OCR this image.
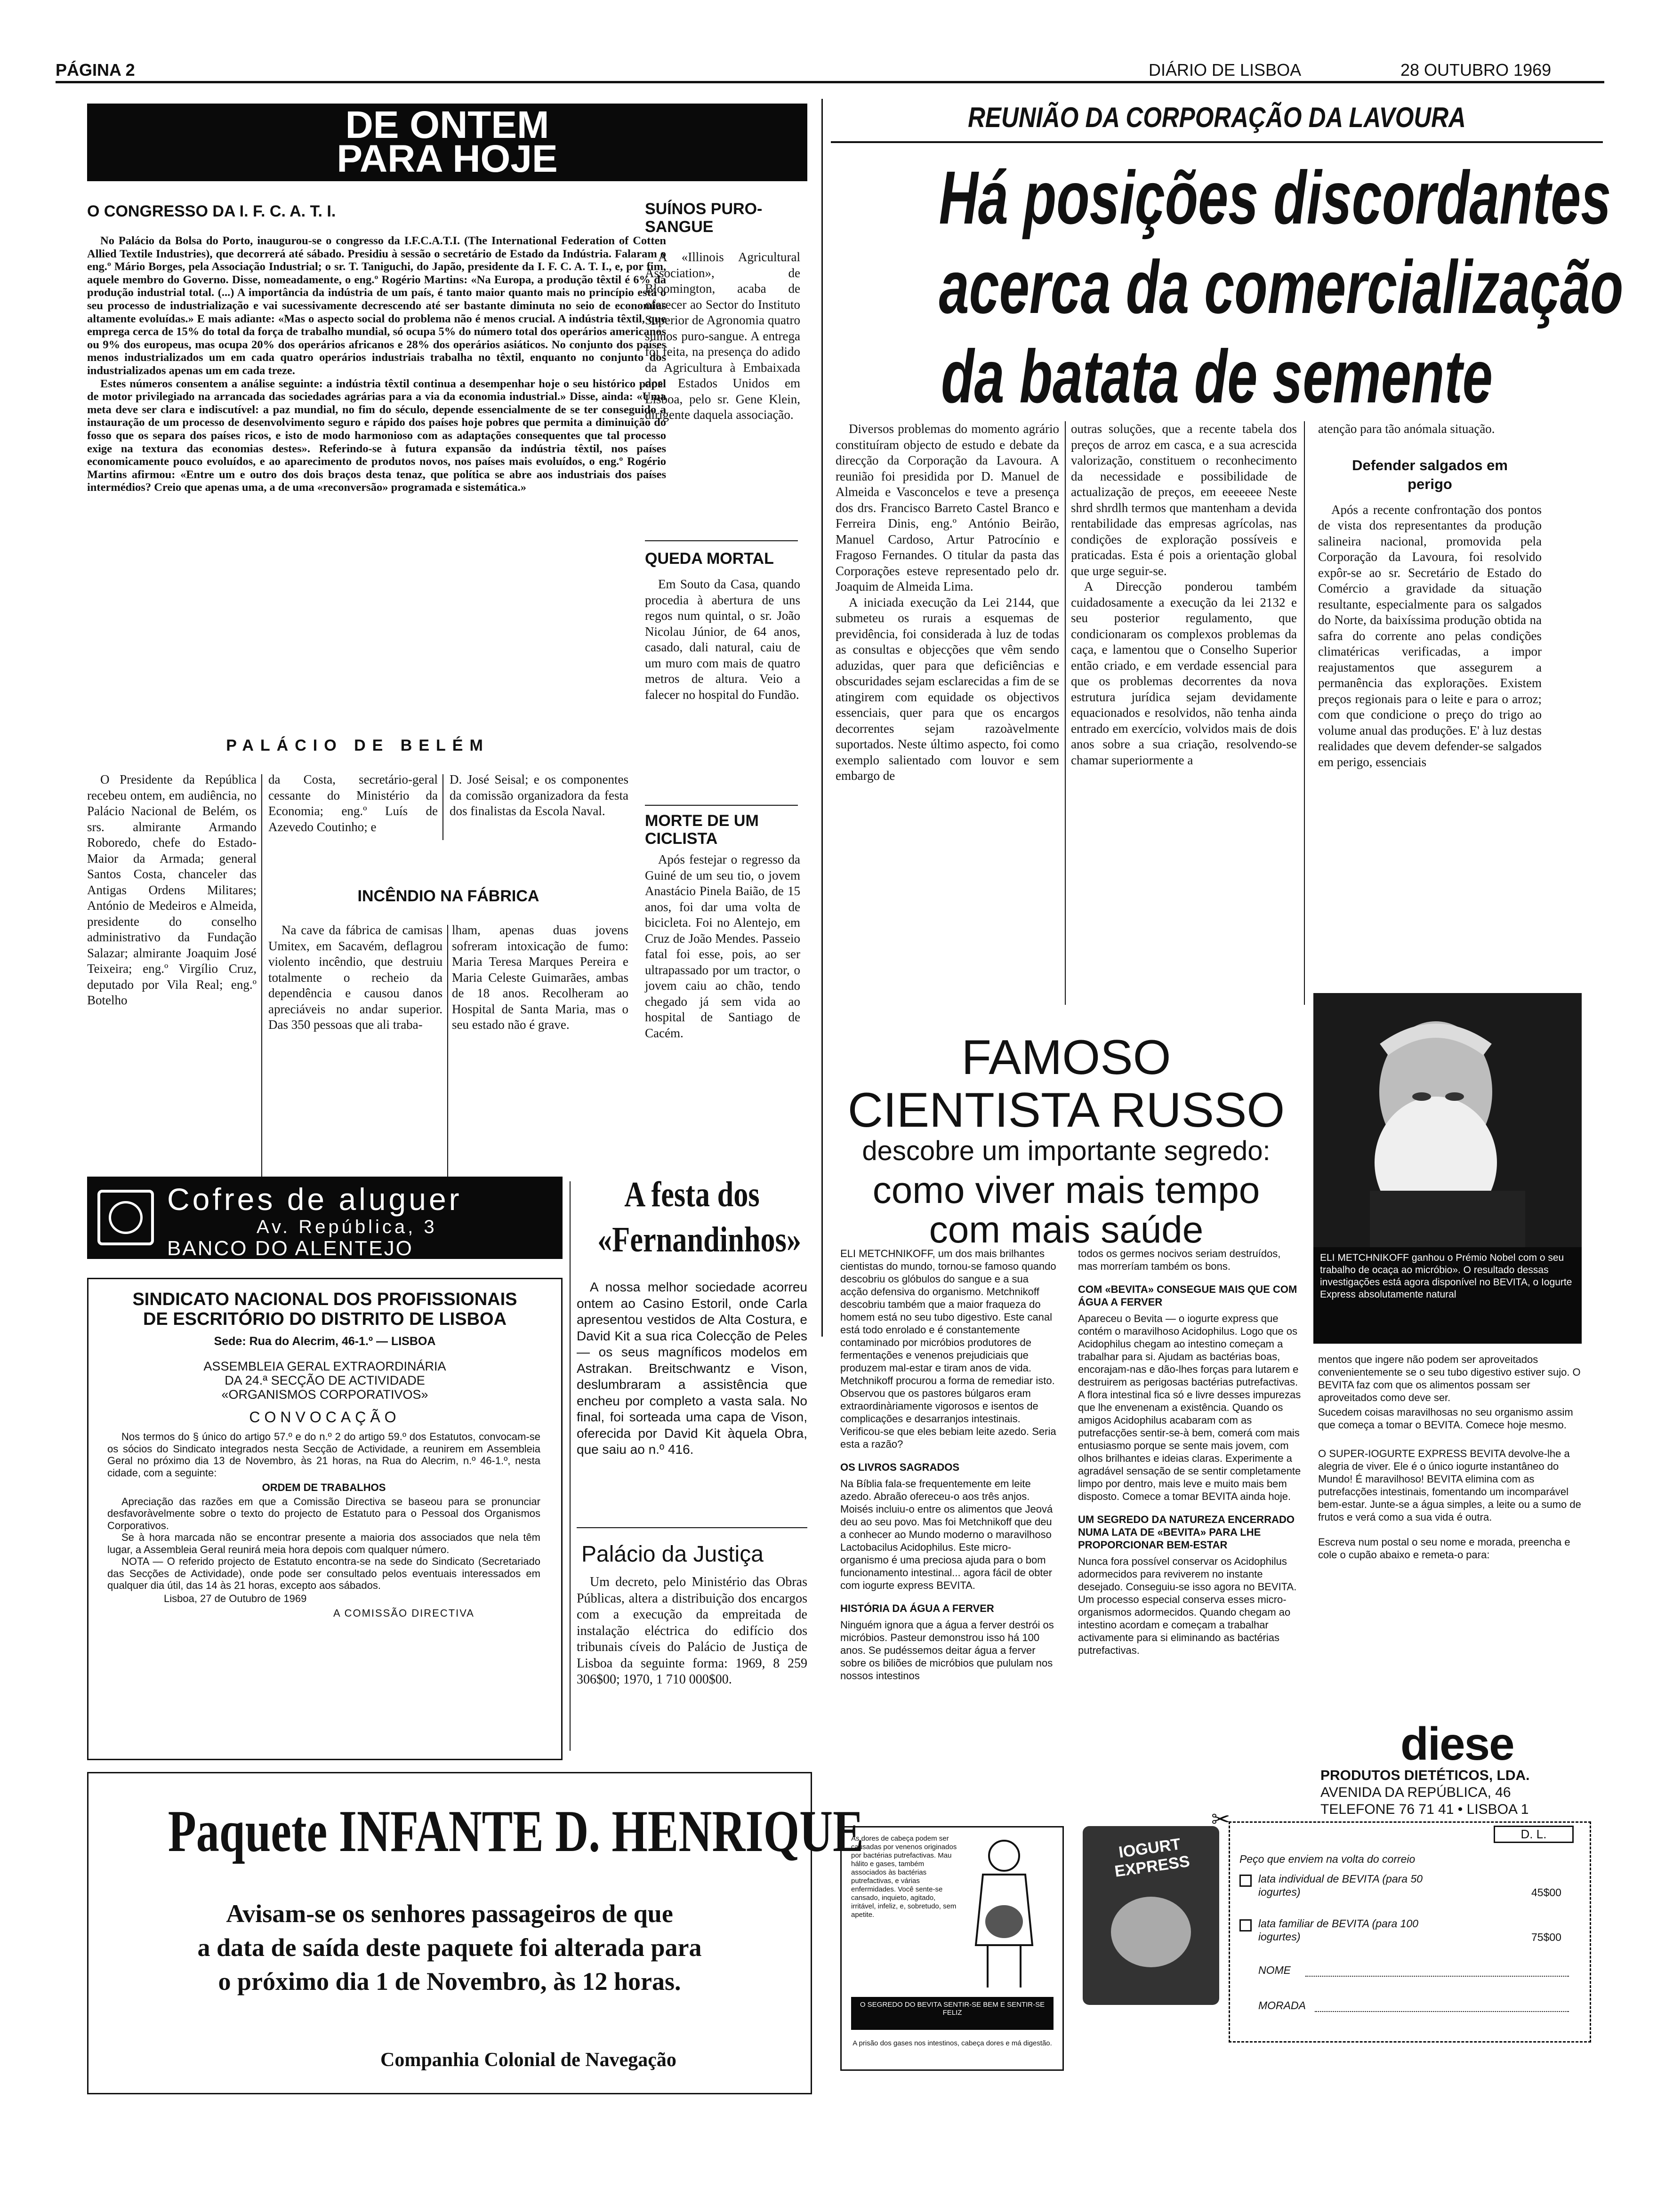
PÁGINA 2	DIÁRIO DE LISBOA	28 OUTUBRO 1969
DE ONTEM
PARA HOJE
O CONGRESSO DA I. F. C. A. T. I.

No Palácio da Bolsa do Porto, inaugurou-se o congresso da I.F.C.A.T.I. (The International Federation of Cotten Allied Textile Industries), que decorrerá até sábado. Presidiu à sessão o secretário de Estado da Indústria. Falaram o eng.º Mário Borges, pela Associação Industrial; o sr. T. Taniguchi, do Japão, presidente da I. F. C. A. T. I., e, por fim, aquele membro do Governo. Disse, nomeadamente, o eng.º Rogério Martins: «Na Europa, a produção têxtil é 6% da produção industrial total. (...) A importância da indústria de um país, é tanto maior quanto mais no princípio está o seu processo de industrialização e vai sucessivamente decrescendo até ser bastante diminuta no seio de economias altamente evoluídas.» E mais adiante: «Mas o aspecto social do problema não é menos crucial. A indústria têxtil, que emprega cerca de 15% do total da força de trabalho mundial, só ocupa 5% do número total dos operários americanos ou 9% dos europeus, mas ocupa 20% dos operários africanos e 28% dos operários asiáticos. No conjunto dos países menos industrializados um em cada quatro operários industriais trabalha no têxtil, enquanto no conjunto dos industrializados apenas um em cada treze.

Estes números consentem a análise seguinte: a indústria têxtil continua a desempenhar hoje o seu histórico papel de motor privilegiado na arrancada das sociedades agrárias para a via da economia industrial.» Disse, ainda: «Uma meta deve ser clara e indiscutível: a paz mundial, no fim do século, depende essencialmente de se ter conseguido a instauração de um processo de desenvolvimento seguro e rápido dos países hoje pobres que permita a diminuição do fosso que os separa dos países ricos, e isto de modo harmonioso com as adaptações consequentes que tal processo exige na textura das economias destes». Referindo-se à futura expansão da indústria têxtil, nos países economicamente pouco evoluídos, e ao aparecimento de produtos novos, nos países mais evoluídos, o eng.º Rogério Martins afirmou: «Entre um e outro dos dois braços desta tenaz, que política se abre aos industriais dos países intermédios? Creio que apenas uma, a de uma «reconversão» programada e sistemática.»

SUÍNOS PURO-SANGUE

A «Illinois Agricultural Association», de Bloomington, acaba de oferecer ao Sector do Instituto Superior de Agronomia quatro suínos puro-sangue. A entrega foi feita, na presença do adido da Agricultura à Embaixada dos Estados Unidos em Lisboa, pelo sr. Gene Klein, dirigente daquela associação.

QUEDA MORTAL

Em Souto da Casa, quando procedia à abertura de uns regos num quintal, o sr. João Nicolau Júnior, de 64 anos, casado, dali natural, caiu de um muro com mais de quatro metros de altura. Veio a falecer no hospital do Fundão.

MORTE DE UM CICLISTA

Após festejar o regresso da Guiné de um seu tio, o jovem Anastácio Pinela Baião, de 15 anos, foi dar uma volta de bicicleta. Foi no Alentejo, em Cruz de João Mendes. Passeio fatal foi esse, pois, ao ser ultrapassado por um tractor, o jovem caiu ao chão, tendo chegado já sem vida ao hospital de Santiago de Cacém.

PALÁCIO DE BELÉM

O Presidente da República recebeu ontem, em audiência, no Palácio Nacional de Belém, os srs. almirante Armando Roboredo, chefe do Estado-Maior da Armada; general Santos Costa, chanceler das Antigas Ordens Militares; António de Medeiros e Almeida, presidente do conselho administrativo da Fundação Salazar; almirante Joaquim José Teixeira; eng.º Virgílio Cruz, deputado por Vila Real; eng.º Botelho

da Costa, secretário-geral cessante do Ministério da Economia; eng.º Luís de Azevedo Coutinho; e

D. José Seisal; e os componentes da comissão organizadora da festa dos finalistas da Escola Naval.

INCÊNDIO NA FÁBRICA

Na cave da fábrica de camisas Umitex, em Sacavém, deflagrou violento incêndio, que destruiu totalmente o recheio da dependência e causou danos apreciáveis no andar superior. Das 350 pessoas que ali traba-

lham, apenas duas jovens sofreram intoxicação de fumo: Maria Teresa Marques Pereira e Maria Celeste Guimarães, ambas de 18 anos. Recolheram ao Hospital de Santa Maria, mas o seu estado não é grave.

Cofres de aluguer
Av. República, 3
BANCO DO ALENTEJO
SINDICATO NACIONAL DOS PROFISSIONAIS
DE ESCRITÓRIO DO DISTRITO DE LISBOA
Sede: Rua do Alecrim, 46-1.º — LISBOA
ASSEMBLEIA GERAL EXTRAORDINÁRIA
DA 24.ª SECÇÃO DE ACTIVIDADE
«ORGANISMOS CORPORATIVOS»
CONVOCAÇÃO

Nos termos do § único do artigo 57.º e do n.º 2 do artigo 59.º dos Estatutos, convocam-se os sócios do Sindicato integrados nesta Secção de Actividade, a reunirem em Assembleia Geral no próximo dia 13 de Novembro, às 21 horas, na Rua do Alecrim, n.º 46-1.º, nesta cidade, com a seguinte:

ORDEM DE TRABALHOS

Apreciação das razões em que a Comissão Directiva se baseou para se pronunciar desfavoràvelmente sobre o texto do projecto de Estatuto para o Pessoal dos Organismos Corporativos.

Se à hora marcada não se encontrar presente a maioria dos associados que nela têm lugar, a Assembleia Geral reunirá meia hora depois com qualquer número.

NOTA — O referido projecto de Estatuto encontra-se na sede do Sindicato (Secretariado das Secções de Actividade), onde pode ser consultado pelos eventuais interessados em qualquer dia útil, das 14 às 21 horas, excepto aos sábados.

Lisboa, 27 de Outubro de 1969

A COMISSÃO DIRECTIVA

A festa dos
«Fernandinhos»

A nossa melhor sociedade acorreu ontem ao Casino Estoril, onde Carla apresentou vestidos de Alta Costura, e David Kit a sua rica Colecção de Peles — os seus magníficos modelos em Astrakan. Breitschwantz e Vison, deslumbraram a assistência que encheu por completo a vasta sala. No final, foi sorteada uma capa de Vison, oferecida por David Kit àquela Obra, que saiu ao n.º 416.

Palácio da Justiça

Um decreto, pelo Ministério das Obras Públicas, altera a distribuição dos encargos com a execução da empreitada de instalação eléctrica do edifício dos tribunais cíveis do Palácio de Justiça de Lisboa da seguinte forma: 1969, 8 259 306$00; 1970, 1 710 000$00.

Paquete INFANTE D. HENRIQUE
Avisam-se os senhores passageiros de que
a data de saída deste paquete foi alterada para
o próximo dia 1 de Novembro, às 12 horas.
Companhia Colonial de Navegação
REUNIÃO DA CORPORAÇÃO DA LAVOURA
Há posições discordantes
acerca da comercialização
da batata de semente

Diversos problemas do momento agrário constituíram objecto de estudo e debate da direcção da Corporação da Lavoura. A reunião foi presidida por D. Manuel de Almeida e Vasconcelos e teve a presença dos drs. Francisco Barreto Castel Branco e Ferreira Dinis, eng.º António Beirão, Manuel Cardoso, Artur Patrocínio e Fragoso Fernandes. O titular da pasta das Corporações esteve representado pelo dr. Joaquim de Almeida Lima.

A iniciada execução da Lei 2144, que submeteu os rurais a esquemas de previdência, foi considerada à luz de todas as consultas e objecções que vêm sendo aduzidas, quer para que deficiências e obscuridades sejam esclarecidas a fim de se atingirem com equidade os objectivos essenciais, quer para que os encargos decorrentes sejam razoàvelmente suportados. Neste último aspecto, foi como exemplo salientado com louvor e sem embargo de

outras soluções, que a recente tabela dos preços de arroz em casca, e a sua acrescida valorização, constituem o reconhecimento da necessidade e possibilidade de actualização de preços, em eeeeeee Neste shrd shrdlh termos que mantenham a devida rentabilidade das empresas agrícolas, nas condições de exploração possíveis e praticadas. Esta é pois a orientação global que urge seguir-se.

A Direcção ponderou também cuidadosamente a execução da lei 2132 e seu posterior regulamento, que condicionaram os complexos problemas da caça, e lamentou que o Conselho Superior então criado, e em verdade essencial para que os problemas decorrentes da nova estrutura jurídica sejam devidamente equacionados e resolvidos, não tenha ainda entrado em exercício, volvidos mais de dois anos sobre a sua criação, resolvendo-se chamar superiormente a

atenção para tão anómala situação.

Defender salgados em perigo

Após a recente confrontação dos pontos de vista dos representantes da produção salineira nacional, promovida pela Corporação da Lavoura, foi resolvido expôr-se ao sr. Secretário de Estado do Comércio a gravidade da situação resultante, especialmente para os salgados do Norte, da baixíssima produção obtida na safra do corrente ano pelas condições climatéricas verificadas, a impor reajustamentos que assegurem a permanência das explorações. Existem preços regionais para o leite e para o arroz; com que condicione o preço do trigo ao volume anual das produções. E' à luz destas realidades que devem defender-se salgados em perigo, essenciais

FAMOSO
CIENTISTA RUSSO
descobre um importante segredo:
como viver mais tempo
com mais saúde
ELI METCHNIKOFF ganhou o Prémio Nobel com o seu trabalho de ocaça ao micróbio». O resultado dessas investigações está agora disponível no BEVITA, o Iogurte Express absolutamente natural

ELI METCHNIKOFF, um dos mais brilhantes cientistas do mundo, tornou-se famoso quando descobriu os glóbulos do sangue e a sua acção defensiva do organismo. Metchnikoff descobriu também que a maior fraqueza do homem está no seu tubo digestivo. Este canal está todo enrolado e é constantemente contaminado por micróbios produtores de fermentações e venenos prejudiciais que produzem mal-estar e tiram anos de vida. Metchnikoff procurou a forma de remediar isto. Observou que os pastores búlgaros eram extraordinàriamente vigorosos e isentos de complicações e desarranjos intestinais. Verificou-se que eles bebiam leite azedo. Seria esta a razão?

OS LIVROS SAGRADOS

Na Bíblia fala-se frequentemente em leite azedo. Abraão ofereceu-o aos três anjos. Moisés incluiu-o entre os alimentos que Jeová deu ao seu povo. Mas foi Metchnikoff que deu a conhecer ao Mundo moderno o maravilhoso Lactobacilus Acidophilus. Este micro-organismo é uma preciosa ajuda para o bom funcionamento intestinal... agora fácil de obter com iogurte express BEVITA.

HISTÓRIA DA ÁGUA A FERVER

Ninguém ignora que a água a ferver destrói os micróbios. Pasteur demonstrou isso há 100 anos. Se pudéssemos deitar água a ferver sobre os biliões de micróbios que pululam nos nossos intestinos

todos os germes nocivos seriam destruídos, mas morreríam também os bons.

COM «BEVITA» CONSEGUE MAIS QUE COM ÁGUA A FERVER

Apareceu o Bevita — o iogurte express que contém o maravilhoso Acidophilus. Logo que os Acidophilus chegam ao intestino começam a trabalhar para si. Ajudam as bactérias boas, encorajam-nas e dão-lhes forças para lutarem e destruirem as perigosas bactérias putrefactivas. A flora intestinal fica só e livre desses impurezas que lhe envenenam a existência. Quando os amigos Acidophilus acabaram com as putrefacções sentir-se-à bem, comerá com mais entusiasmo porque se sente mais jovem, com olhos brilhantes e ideias claras. Experimente a agradável sensação de se sentir completamente limpo por dentro, mais leve e muito mais bem disposto. Comece a tomar BEVITA ainda hoje.

UM SEGREDO DA NATUREZA ENCERRADO NUMA LATA DE «BEVITA» PARA LHE PROPORCIONAR BEM-ESTAR

Nunca fora possível conservar os Acidophilus adormecidos para reviverem no instante desejado. Conseguiu-se isso agora no BEVITA. Um processo especial conserva esses micro-organismos adormecidos. Quando chegam ao intestino acordam e começam a trabalhar activamente para si eliminando as bactérias putrefactivas.

mentos que ingere não podem ser aproveitados convenientemente se o seu tubo digestivo estiver sujo. O BEVITA faz com que os alimentos possam ser aproveitados como deve ser.

Sucedem coisas maravilhosas no seu organismo assim que começa a tomar o BEVITA. Comece hoje mesmo.

O SUPER-IOGURTE EXPRESS BEVITA devolve-lhe a alegria de viver. Ele é o único iogurte instantâneo do Mundo! É maravilhoso! BEVITA elimina com as putrefacções intestinais, fomentando um incomparável bem-estar. Junte-se a água simples, a leite ou a sumo de frutos e verá como a sua vida é outra.

Escreva num postal o seu nome e morada, preencha e cole o cupão abaixo e remeta-o para:

diese
PRODUTOS DIETÉTICOS, LDA.
AVENIDA DA REPÚBLICA, 46
TELEFONE 76 71 41 • LISBOA 1
As dores de cabeça podem ser causadas por venenos originados por bactérias putrefactivas. Mau hálito e gases, também associados às bactérias putrefactivas, e várias enfermidades. Você sente-se cansado, inquieto, agitado, irritável, infeliz, e, sobretudo, sem apetite.
O SEGREDO DO BEVITA SENTIR-SE BEM E SENTIR-SE FELIZ
A prisão dos gases nos intestinos, cabeça dores e má digestão.
IOGURT EXPRESS
✂
D. L.
Peço que enviem na volta do correio
lata individual de BEVITA (para 50 iogurtes)	45$00
lata familiar de BEVITA (para 100 iogurtes)	75$00
NOME
MORADA
